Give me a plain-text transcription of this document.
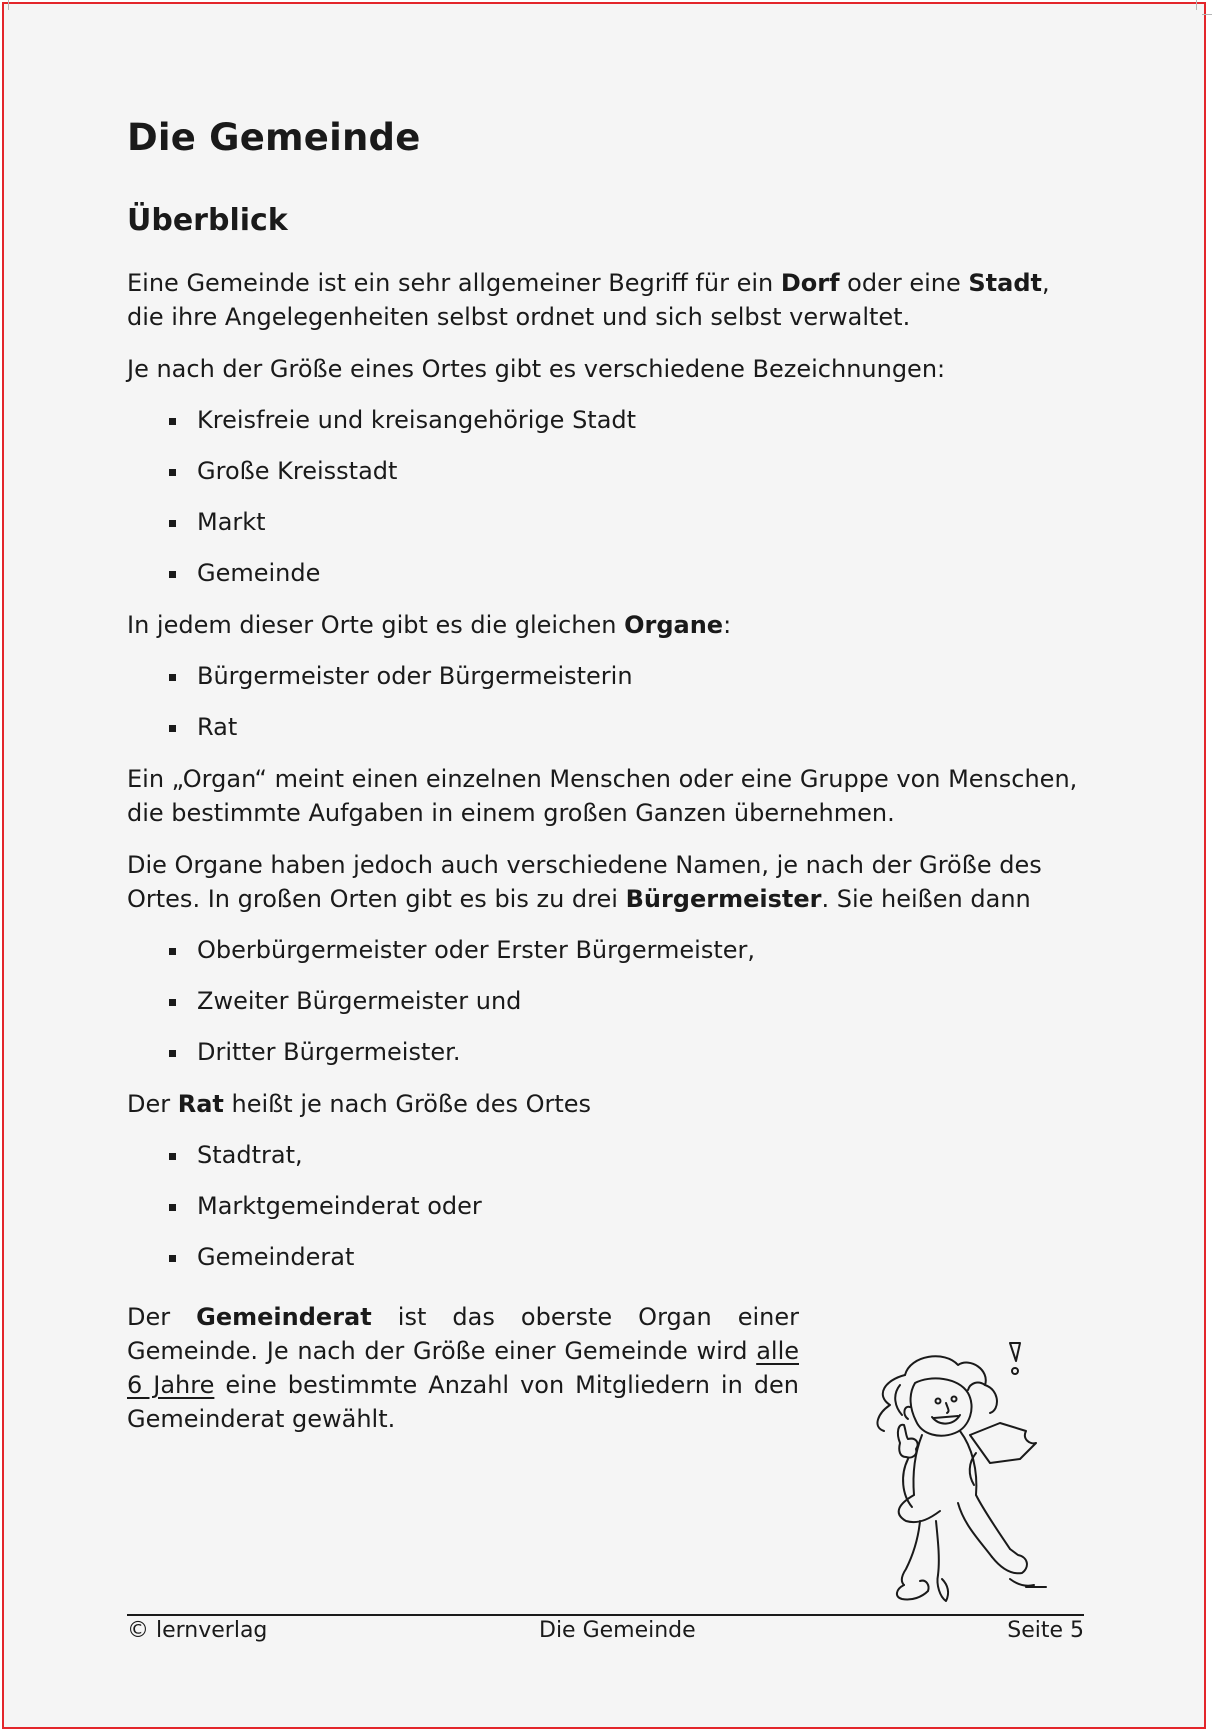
Die Gemeinde
Überblick

Eine Gemeinde ist ein sehr allgemeiner Begriff für ein Dorf oder eine Stadt, die ihre Angelegenheiten selbst ordnet und sich selbst verwaltet.

Je nach der Größe eines Ortes gibt es verschiedene Bezeichnungen:

Kreisfreie und kreisangehörige Stadt
Große Kreisstadt
Markt
Gemeinde

In jedem dieser Orte gibt es die gleichen Organe:

Bürgermeister oder Bürgermeisterin
Rat

Ein „Organ“ meint einen einzelnen Menschen oder eine Gruppe von Menschen, die bestimmte Aufgaben in einem großen Ganzen übernehmen.

Die Organe haben jedoch auch verschiedene Namen, je nach der Größe des Ortes. In großen Orten gibt es bis zu drei Bürgermeister. Sie heißen dann

Oberbürgermeister oder Erster Bürgermeister,
Zweiter Bürgermeister und
Dritter Bürgermeister.

Der Rat heißt je nach Größe des Ortes

Stadtrat,
Marktgemeinderat oder
Gemeinderat

Der Gemeinderat ist das oberste Organ einer Gemeinde. Je nach der Größe einer Gemeinde wird alle 6 Jahre eine bestimmte Anzahl von Mitgliedern in den Gemeinderat gewählt.

© lernverlag	Die Gemeinde	Seite 5
